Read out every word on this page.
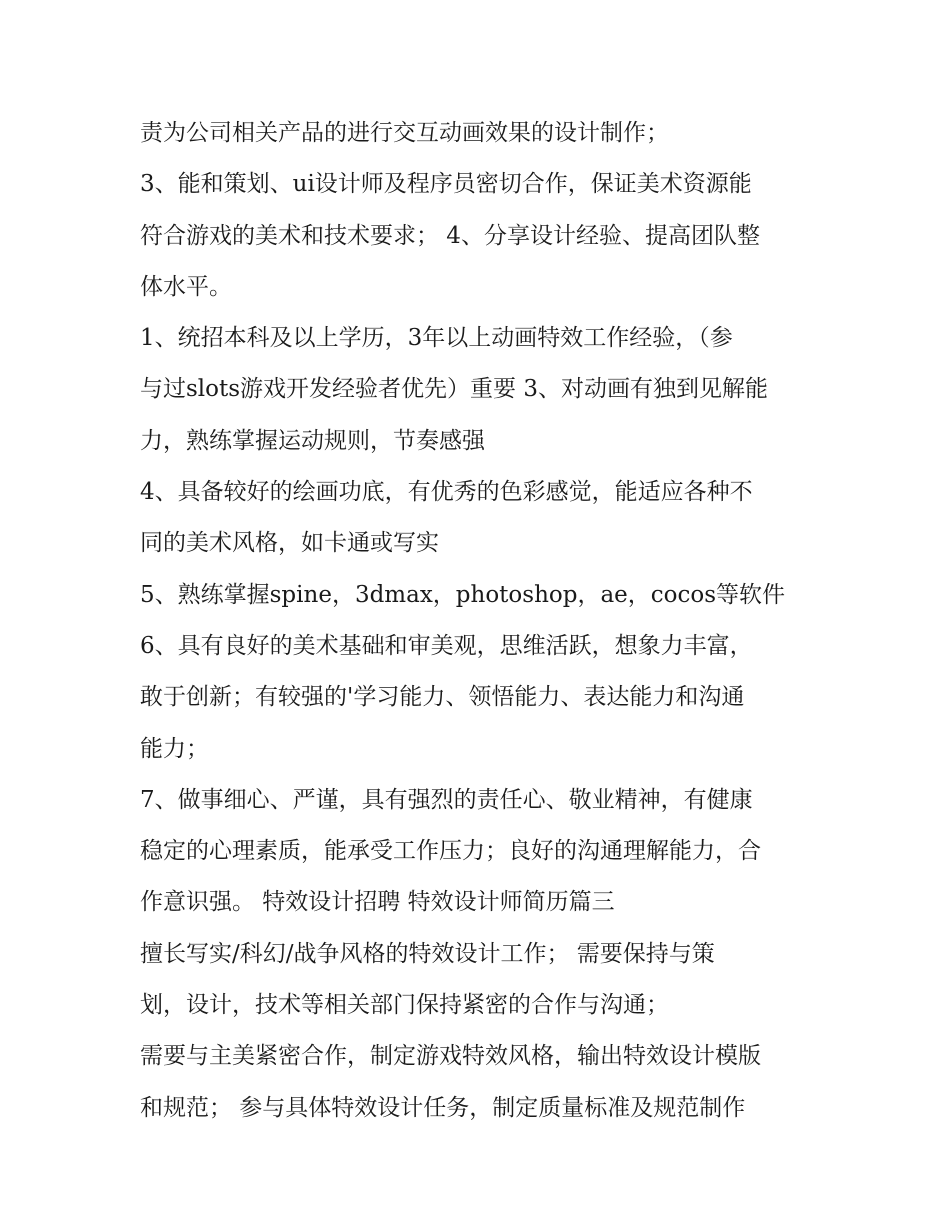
责为公司相关产品的进行交互动画效果的设计制作；
3、能和策划、ui设计师及程序员密切合作，保证美术资源能
符合游戏的美术和技术要求； 4、分享设计经验、提高团队整
体水平。
1、统招本科及以上学历，3年以上动画特效工作经验，（参
与过slots游戏开发经验者优先）重要 3、对动画有独到见解能
力，熟练掌握运动规则，节奏感强
4、具备较好的绘画功底，有优秀的色彩感觉，能适应各种不
同的美术风格，如卡通或写实
5、熟练掌握spine，3dmax，photoshop，ae，cocos等软件
6、具有良好的美术基础和审美观，思维活跃，想象力丰富，
敢于创新；有较强的'学习能力、领悟能力、表达能力和沟通
能力；
7、做事细心、严谨，具有强烈的责任心、敬业精神，有健康
稳定的心理素质，能承受工作压力；良好的沟通理解能力，合
作意识强。 特效设计招聘 特效设计师简历篇三
擅长写实/科幻/战争风格的特效设计工作； 需要保持与策
划，设计，技术等相关部门保持紧密的合作与沟通；
需要与主美紧密合作，制定游戏特效风格，输出特效设计模版
和规范； 参与具体特效设计任务，制定质量标准及规范制作
